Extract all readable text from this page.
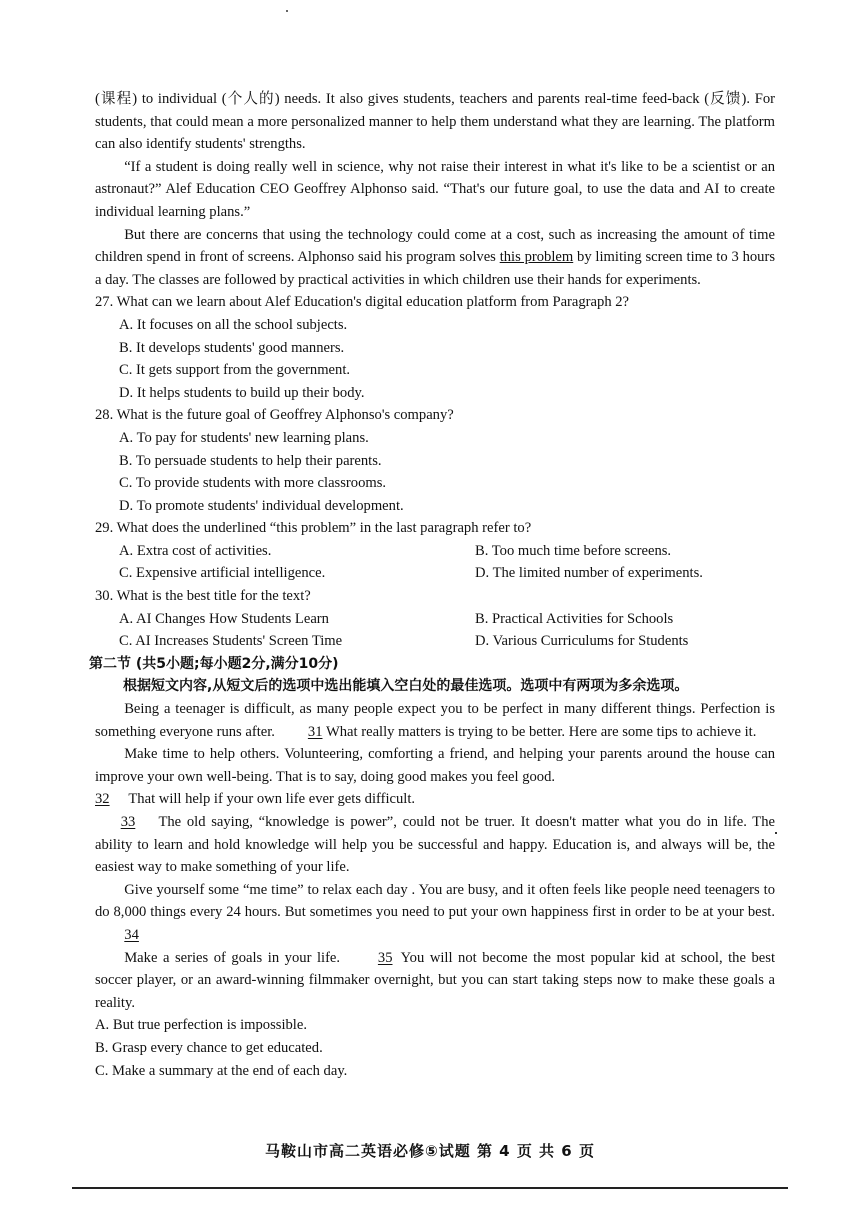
(课程) to individual (个人的) needs. It also gives students, teachers and parents real-time feed-back (反馈). For students, that could mean a more personalized manner to help them understand what they are learning. The platform can also identify students' strengths.

“If a student is doing really well in science, why not raise their interest in what it's like to be a scientist or an astronaut?” Alef Education CEO Geoffrey Alphonso said. “That's our future goal, to use the data and AI to create individual learning plans.”

But there are concerns that using the technology could come at a cost, such as increasing the amount of time children spend in front of screens. Alphonso said his program solves this problem by limiting screen time to 3 hours a day. The classes are followed by practical activities in which children use their hands for experiments.

27. What can we learn about Alef Education's digital education platform from Paragraph 2?

A. It focuses on all the school subjects.

B. It develops students' good manners.

C. It gets support from the government.

D. It helps students to build up their body.

28. What is the future goal of Geoffrey Alphonso's company?

A. To pay for students' new learning plans.

B. To persuade students to help their parents.

C. To provide students with more classrooms.

D. To promote students' individual development.

29. What does the underlined “this problem” in the last paragraph refer to?

A. Extra cost of activities.	B. Too much time before screens.
C. Expensive artificial intelligence.	D. The limited number of experiments.

30. What is the best title for the text?

A. AI Changes How Students Learn	B. Practical Activities for Schools
C. AI Increases Students' Screen Time	D. Various Curriculums for Students

第二节 (共5小题;每小题2分,满分10分)

根据短文内容,从短文后的选项中选出能填入空白处的最佳选项。选项中有两项为多余选项。

Being a teenager is difficult, as many people expect you to be perfect in many different things. Perfection is something everyone runs after. 31 What really matters is trying to be better. Here are some tips to achieve it.

Make time to help others. Volunteering, comforting a friend, and helping your parents around the house can improve your own well-being. That is to say, doing good makes you feel good.

32 That will help if your own life ever gets difficult.

33 The old saying, “knowledge is power”, could not be truer. It doesn't matter what you do in life. The ability to learn and hold knowledge will help you be successful and happy. Education is, and always will be, the easiest way to make something of your life.

Give yourself some “me time” to relax each day . You are busy, and it often feels like people need teenagers to do 8,000 things every 24 hours. But sometimes you need to put your own happiness first in order to be at your best. 34

Make a series of goals in your life. 35 You will not become the most popular kid at school, the best soccer player, or an award-winning filmmaker overnight, but you can start taking steps now to make these goals a reality.

A. But true perfection is impossible.

B. Grasp every chance to get educated.

C. Make a summary at the end of each day.

马鞍山市高二英语必修⑤试题 第 4 页 共 6 页
